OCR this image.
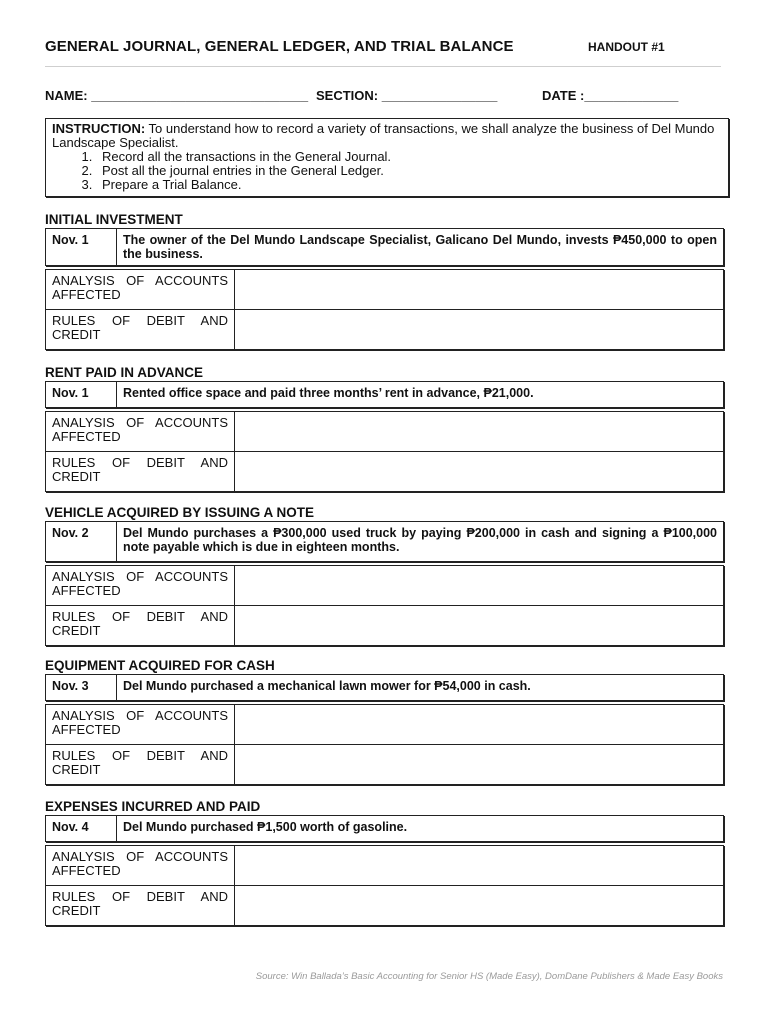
GENERAL JOURNAL, GENERAL LEDGER, AND TRIAL BALANCE	HANDOUT #1
NAME: ______________________________ SECTION: ________________	DATE :_____________
INSTRUCTION: To understand how to record a variety of transactions, we shall analyze the business of Del Mundo Landscape Specialist.
1. Record all the transactions in the General Journal.
2. Post all the journal entries in the General Ledger.
3. Prepare a Trial Balance.
INITIAL INVESTMENT
Nov. 1	The owner of the Del Mundo Landscape Specialist, Galicano Del Mundo, invests ₱450,000 to open the business.
ANALYSIS OF ACCOUNTS
AFFECTED
RULES OF DEBIT AND
CREDIT
RENT PAID IN ADVANCE
Nov. 1	Rented office space and paid three months’ rent in advance, ₱21,000.
ANALYSIS OF ACCOUNTS
AFFECTED
RULES OF DEBIT AND
CREDIT
VEHICLE ACQUIRED BY ISSUING A NOTE
Nov. 2	Del Mundo purchases a ₱300,000 used truck by paying ₱200,000 in cash and signing a ₱100,000 note payable which is due in eighteen months.
ANALYSIS OF ACCOUNTS
AFFECTED
RULES OF DEBIT AND
CREDIT
EQUIPMENT ACQUIRED FOR CASH
Nov. 3	Del Mundo purchased a mechanical lawn mower for ₱54,000 in cash.
ANALYSIS OF ACCOUNTS
AFFECTED
RULES OF DEBIT AND
CREDIT
EXPENSES INCURRED AND PAID
Nov. 4	Del Mundo purchased ₱1,500 worth of gasoline.
ANALYSIS OF ACCOUNTS
AFFECTED
RULES OF DEBIT AND
CREDIT
Source: Win Ballada’s Basic Accounting for Senior HS (Made Easy), DomDane Publishers & Made Easy Books
